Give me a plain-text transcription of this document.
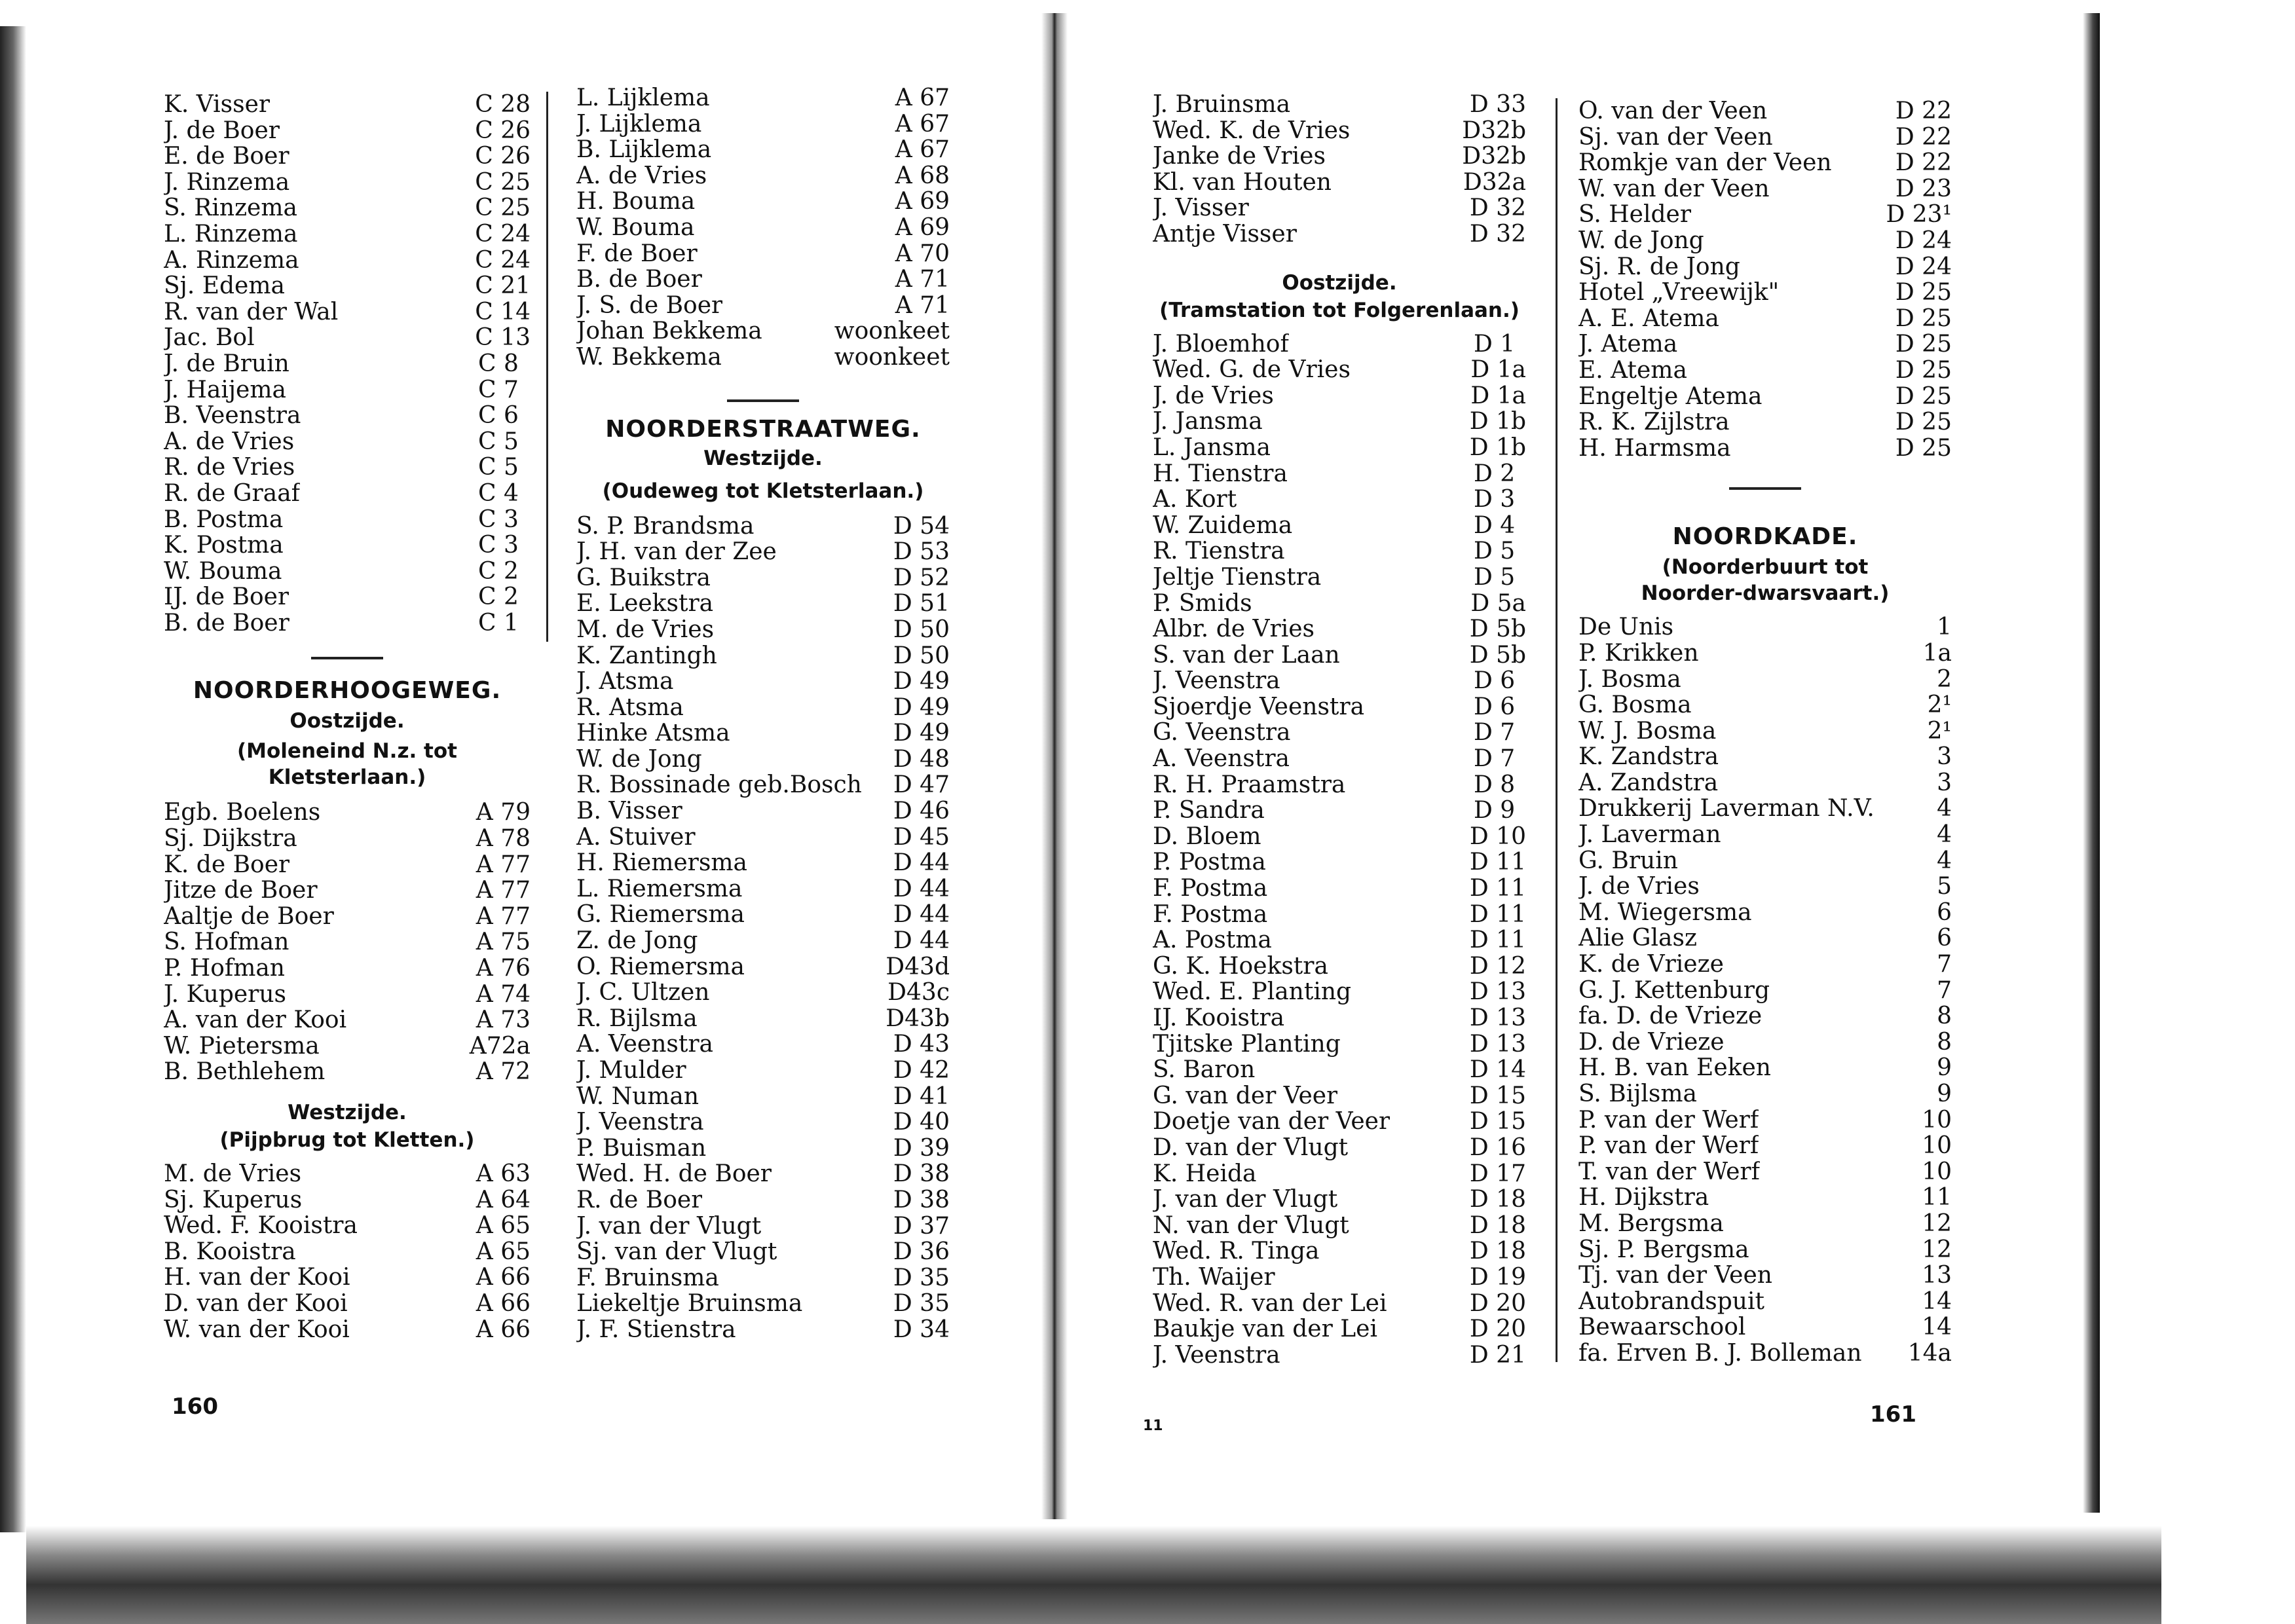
K. Visser	C 28
J. de Boer	C 26
E. de Boer	C 26
J. Rinzema	C 25
S. Rinzema	C 25
L. Rinzema	C 24
A. Rinzema	C 24
Sj. Edema	C 21
R. van der Wal	C 14
Jac. Bol	C 13
J. de Bruin	C 8
J. Haijema	C 7
B. Veenstra	C 6
A. de Vries	C 5
R. de Vries	C 5
R. de Graaf	C 4
B. Postma	C 3
K. Postma	C 3
W. Bouma	C 2
IJ. de Boer	C 2
B. de Boer	C 1
NOORDERHOOGEWEG.
Oostzijde.
(Moleneind N.z. tot Kletsterlaan.)
Egb. Boelens	A 79
Sj. Dijkstra	A 78
K. de Boer	A 77
Jitze de Boer	A 77
Aaltje de Boer	A 77
S. Hofman	A 75
P. Hofman	A 76
J. Kuperus	A 74
A. van der Kooi	A 73
W. Pietersma	A72a
B. Bethlehem	A 72
Westzijde.
(Pijpbrug tot Kletten.)
M. de Vries	A 63
Sj. Kuperus	A 64
Wed. F. Kooistra	A 65
B. Kooistra	A 65
H. van der Kooi	A 66
D. van der Kooi	A 66
W. van der Kooi	A 66
L. Lijklema	A 67
J. Lijklema	A 67
B. Lijklema	A 67
A. de Vries	A 68
H. Bouma	A 69
W. Bouma	A 69
F. de Boer	A 70
B. de Boer	A 71
J. S. de Boer	A 71
Johan Bekkema	woonkeet
W. Bekkema	woonkeet
NOORDERSTRAATWEG.
Westzijde.
(Oudeweg tot Kletsterlaan.)
S. P. Brandsma	D 54
J. H. van der Zee	D 53
G. Buikstra	D 52
E. Leekstra	D 51
M. de Vries	D 50
K. Zantingh	D 50
J. Atsma	D 49
R. Atsma	D 49
Hinke Atsma	D 49
W. de Jong	D 48
R. Bossinade geb.Bosch D 47
B. Visser	D 46
A. Stuiver	D 45
H. Riemersma	D 44
L. Riemersma	D 44
G. Riemersma	D 44
Z. de Jong	D 44
O. Riemersma	D43d
J. C. Ultzen	D43c
R. Bijlsma	D43b
A. Veenstra	D 43
J. Mulder	D 42
W. Numan	D 41
J. Veenstra	D 40
P. Buisman	D 39
Wed. H. de Boer	D 38
R. de Boer	D 38
J. van der Vlugt	D 37
Sj. van der Vlugt	D 36
F. Bruinsma	D 35
Liekeltje Bruinsma	D 35
J. F. Stienstra	D 34
160
J. Bruinsma	D 33
Wed. K. de Vries	D32b
Janke de Vries	D32b
Kl. van Houten	D32a
J. Visser	D 32
Antje Visser	D 32
Oostzijde.
(Tramstation tot Folgerenlaan.)
J. Bloemhof	D 1
Wed. G. de Vries	D 1a
J. de Vries	D 1a
J. Jansma	D 1b
L. Jansma	D 1b
H. Tienstra	D 2
A. Kort	D 3
W. Zuidema	D 4
R. Tienstra	D 5
Jeltje Tienstra	D 5
P. Smids	D 5a
Albr. de Vries	D 5b
S. van der Laan	D 5b
J. Veenstra	D 6
Sjoerdje Veenstra	D 6
G. Veenstra	D 7
A. Veenstra	D 7
R. H. Praamstra	D 8
P. Sandra	D 9
D. Bloem	D 10
P. Postma	D 11
F. Postma	D 11
F. Postma	D 11
A. Postma	D 11
G. K. Hoekstra	D 12
Wed. E. Planting	D 13
IJ. Kooistra	D 13
Tjitske Planting	D 13
S. Baron	D 14
G. van der Veer	D 15
Doetje van der Veer	D 15
D. van der Vlugt	D 16
K. Heida	D 17
J. van der Vlugt	D 18
N. van der Vlugt	D 18
Wed. R. Tinga	D 18
Th. Waijer	D 19
Wed. R. van der Lei	D 20
Baukje van der Lei	D 20
J. Veenstra	D 21
O. van der Veen	D 22
Sj. van der Veen	D 22
Romkje van der Veen	D 22
W. van der Veen	D 23
S. Helder	D 23¹
W. de Jong	D 24
Sj. R. de Jong	D 24
Hotel „Vreewijk"	D 25
A. E. Atema	D 25
J. Atema	D 25
E. Atema	D 25
Engeltje Atema	D 25
R. K. Zijlstra	D 25
H. Harmsma	D 25
NOORDKADE.
(Noorderbuurt tot Noorder-dwarsvaart.)
De Unis	1
P. Krikken	1a
J. Bosma	2
G. Bosma	2¹
W. J. Bosma	2¹
K. Zandstra	3
A. Zandstra	3
Drukkerij Laverman N.V.	4
J. Laverman	4
G. Bruin	4
J. de Vries	5
M. Wiegersma	6
Alie Glasz	6
K. de Vrieze	7
G. J. Kettenburg	7
fa. D. de Vrieze	8
D. de Vrieze	8
H. B. van Eeken	9
S. Bijlsma	9
P. van der Werf	10
P. van der Werf	10
T. van der Werf	10
H. Dijkstra	11
M. Bergsma	12
Sj. P. Bergsma	12
Tj. van der Veen	13
Autobrandspuit	14
Bewaarschool	14
fa. Erven B. J. Bolleman 14a
11	161
